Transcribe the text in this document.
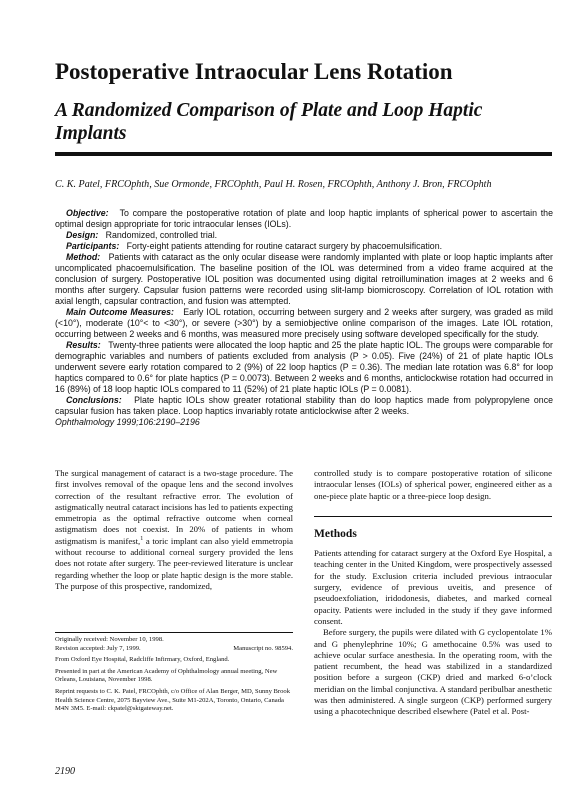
Postoperative Intraocular Lens Rotation
A Randomized Comparison of Plate and Loop Haptic
Implants

C. K. Patel, FRCOphth, Sue Ormonde, FRCOphth, Paul H. Rosen, FRCOphth, Anthony J. Bron, FRCOphth

Objective: To compare the postoperative rotation of plate and loop haptic implants of spherical power to ascertain the optimal design appropriate for toric intraocular lenses (IOLs).

Design: Randomized, controlled trial.

Participants: Forty-eight patients attending for routine cataract surgery by phacoemulsification.

Method: Patients with cataract as the only ocular disease were randomly implanted with plate or loop haptic implants after uncomplicated phacoemulsification. The baseline position of the IOL was determined from a video frame acquired at the conclusion of surgery. Postoperative IOL position was documented using digital retroillumination images at 2 weeks and 6 months after surgery. Capsular fusion patterns were recorded using slit-lamp biomicroscopy. Correlation of IOL rotation with axial length, capsular contraction, and fusion was attempted.

Main Outcome Measures: Early IOL rotation, occurring between surgery and 2 weeks after surgery, was graded as mild (<10°), moderate (10°< to <30°), or severe (>30°) by a semiobjective online comparison of the images. Late IOL rotation, occurring between 2 weeks and 6 months, was measured more precisely using software developed specifically for the study.

Results: Twenty-three patients were allocated the loop haptic and 25 the plate haptic IOL. The groups were comparable for demographic variables and numbers of patients excluded from analysis (P > 0.05). Five (24%) of 21 of plate haptic IOLs underwent severe early rotation compared to 2 (9%) of 22 loop haptics (P = 0.36). The median late rotation was 6.8° for loop haptics compared to 0.6° for plate haptics (P = 0.0073). Between 2 weeks and 6 months, anticlockwise rotation had occurred in 16 (89%) of 18 loop haptic IOLs compared to 11 (52%) of 21 plate haptic IOLs (P = 0.0081).

Conclusions: Plate haptic IOLs show greater rotational stability than do loop haptics made from polypropylene once capsular fusion has taken place. Loop haptics invariably rotate anticlockwise after 2 weeks.

Ophthalmology 1999;106:2190–2196

The surgical management of cataract is a two-stage procedure. The first involves removal of the opaque lens and the second involves correction of the resultant refractive error. The evolution of astigmatically neutral cataract incisions has led to patients expecting emmetropia as the optimal refractive outcome when corneal astigmatism does not coexist. In 20% of patients in whom astigmatism is manifest,$^1$ a toric implant can also yield emmetropia without recourse to additional corneal surgery provided the lens does not rotate after surgery. The peer-reviewed literature is unclear regarding whether the loop or plate haptic design is the more stable. The purpose of this prospective, randomized,

controlled study is to compare postoperative rotation of silicone intraocular lenses (IOLs) of spherical power, engineered either as a one-piece plate haptic or a three-piece loop design.

Methods

Patients attending for cataract surgery at the Oxford Eye Hospital, a teaching center in the United Kingdom, were prospectively assessed for the study. Exclusion criteria included previous intraocular surgery, evidence of previous uveitis, and presence of pseudoexfoliation, iridodonesis, diabetes, and marked corneal opacity. Patients were included in the study if they gave informed consent.

Before surgery, the pupils were dilated with G cyclopentolate 1% and G phenylephrine 10%; G amethocaine 0.5% was used to achieve ocular surface anesthesia. In the operating room, with the patient recumbent, the head was stabilized in a standardized position before a surgeon (CKP) dried and marked 6-o’clock meridian on the limbal conjunctiva. A standard peribulbar anesthetic was then administered. A single surgeon (CKP) performed surgery using a phacotechnique described elsewhere (Patel et al. Post-

Originally received: November 10, 1998.

Revision accepted: July 7, 1999.	Manuscript no. 98594.

From Oxford Eye Hospital, Radcliffe Infirmary, Oxford, England.

Presented in part at the American Academy of Ophthalmology annual meeting, New Orleans, Louisiana, November 1998.

Reprint requests to C. K. Patel, FRCOphth, c/o Office of Alan Berger, MD, Sunny Brook Health Science Centre, 2075 Bayview Ave., Suite M1-202A, Toronto, Ontario, Canada M4N 3M5. E-mail: ckpatel@sktgateway.net.

2190
